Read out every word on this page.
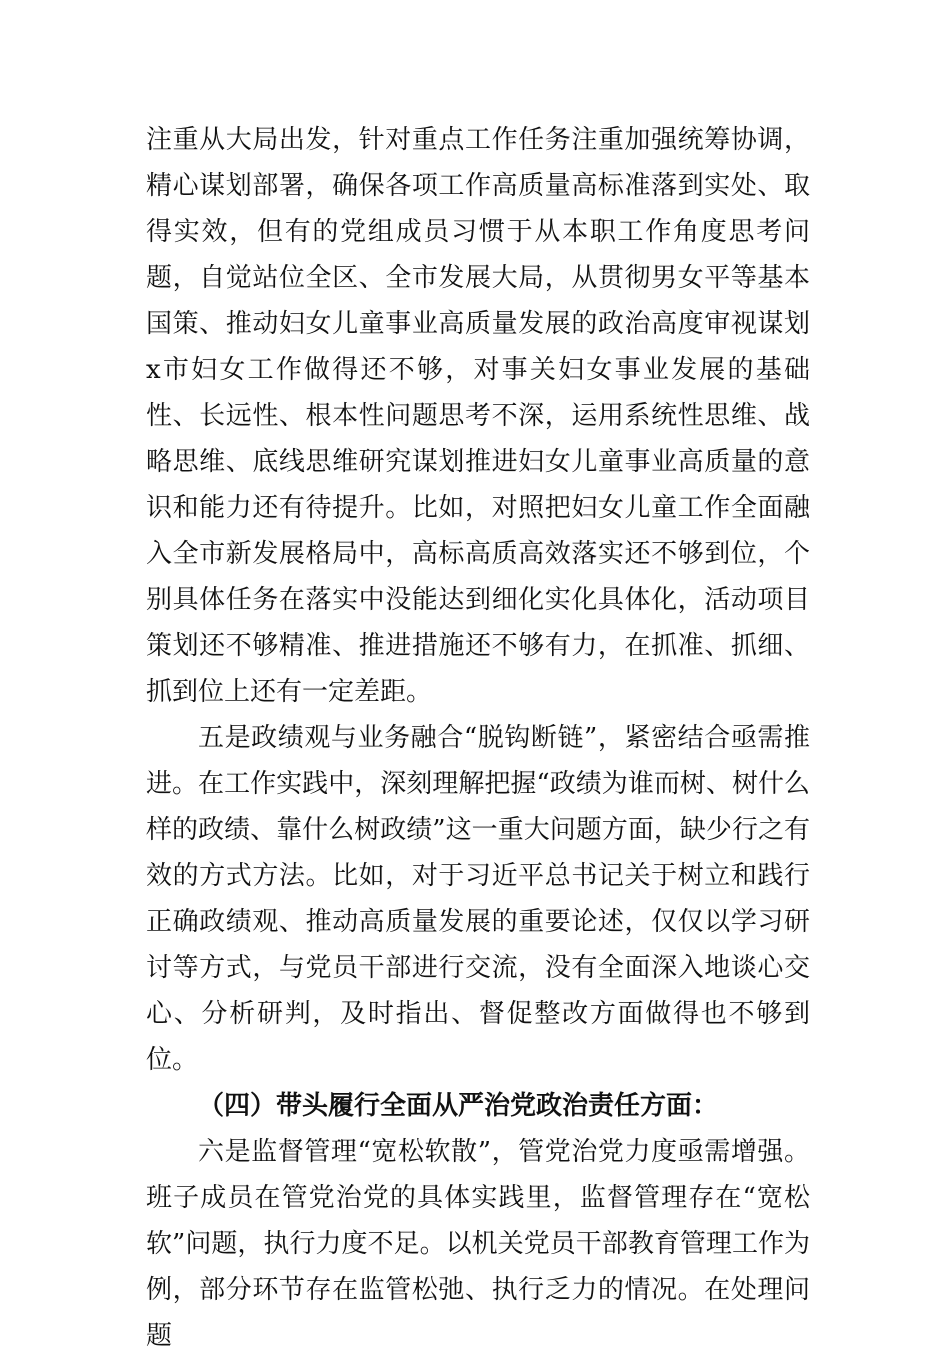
注重从大局出发，针对重点工作任务注重加强统筹协调，精心谋划部署，确保各项工作高质量高标准落到实处、取得实效，但有的党组成员习惯于从本职工作角度思考问题，自觉站位全区、全市发展大局，从贯彻男女平等基本国策、推动妇女儿童事业高质量发展的政治高度审视谋划x市妇女工作做得还不够，对事关妇女事业发展的基础性、长远性、根本性问题思考不深，运用系统性思维、战略思维、底线思维研究谋划推进妇女儿童事业高质量的意识和能力还有待提升。比如，对照把妇女儿童工作全面融入全市新发展格局中，高标高质高效落实还不够到位，个别具体任务在落实中没能达到细化实化具体化，活动项目策划还不够精准、推进措施还不够有力，在抓准、抓细、抓到位上还有一定差距。

五是政绩观与业务融合“脱钩断链”，紧密结合亟需推进。在工作实践中，深刻理解把握“政绩为谁而树、树什么样的政绩、靠什么树政绩”这一重大问题方面，缺少行之有效的方式方法。比如，对于习近平总书记关于树立和践行正确政绩观、推动高质量发展的重要论述，仅仅以学习研讨等方式，与党员干部进行交流，没有全面深入地谈心交心、分析研判，及时指出、督促整改方面做得也不够到位。

（四）带头履行全面从严治党政治责任方面：

六是监督管理“宽松软散”，管党治党力度亟需增强。班子成员在管党治党的具体实践里，监督管理存在“宽松软”问题，执行力度不足。以机关党员干部教育管理工作为例，部分环节存在监管松弛、执行乏力的情况。在处理问题
